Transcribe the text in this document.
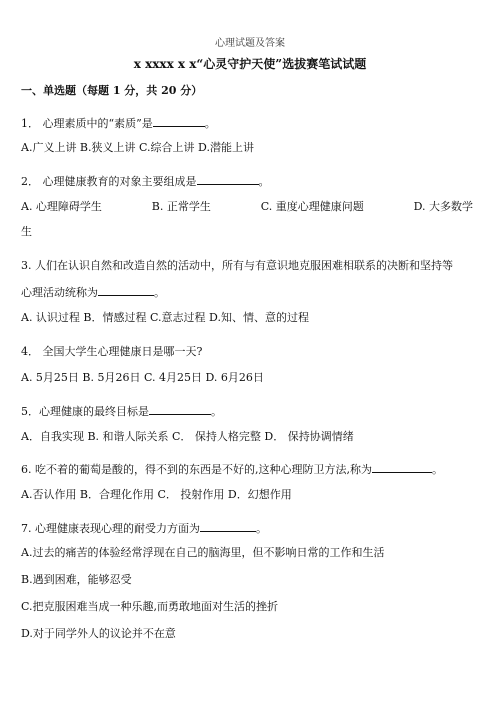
心理试题及答案
x xxxx x x“心灵守护天使”选拔赛笔试试题
一、单选题（每题 1 分，共 20 分）
1． 心理素质中的“素质”是	。
A.广义上讲 B.狭义上讲 C.综合上讲 D.潜能上讲
2． 心理健康教育的对象主要组成是	。
A. 心理障碍学生	B. 正常学生	C. 重度心理健康问题	D. 大多数学
生
3. 人们在认识自然和改造自然的活动中，所有与有意识地克服困难相联系的决断和坚持等
心理活动统称为	。
A. 认识过程 B．情感过程 C.意志过程 D.知、情、意的过程
4． 全国大学生心理健康日是哪一天?
A. 5月25日 B. 5月26日 C. 4月25日 D. 6月26日
5．心理健康的最终目标是	。
A．自我实现 B. 和谐人际关系 C． 保持人格完整 D． 保持协调情绪
6. 吃不着的葡萄是酸的，得不到的东西是不好的,这种心理防卫方法,称为	。
A.否认作用 B．合理化作用 C． 投射作用 D．幻想作用
7. 心理健康表现心理的耐受力方面为	。
A.过去的痛苦的体验经常浮现在自己的脑海里，但不影响日常的工作和生活
B.遇到困难，能够忍受
C.把克服困难当成一种乐趣,而勇敢地面对生活的挫折
D.对于同学外人的议论并不在意
